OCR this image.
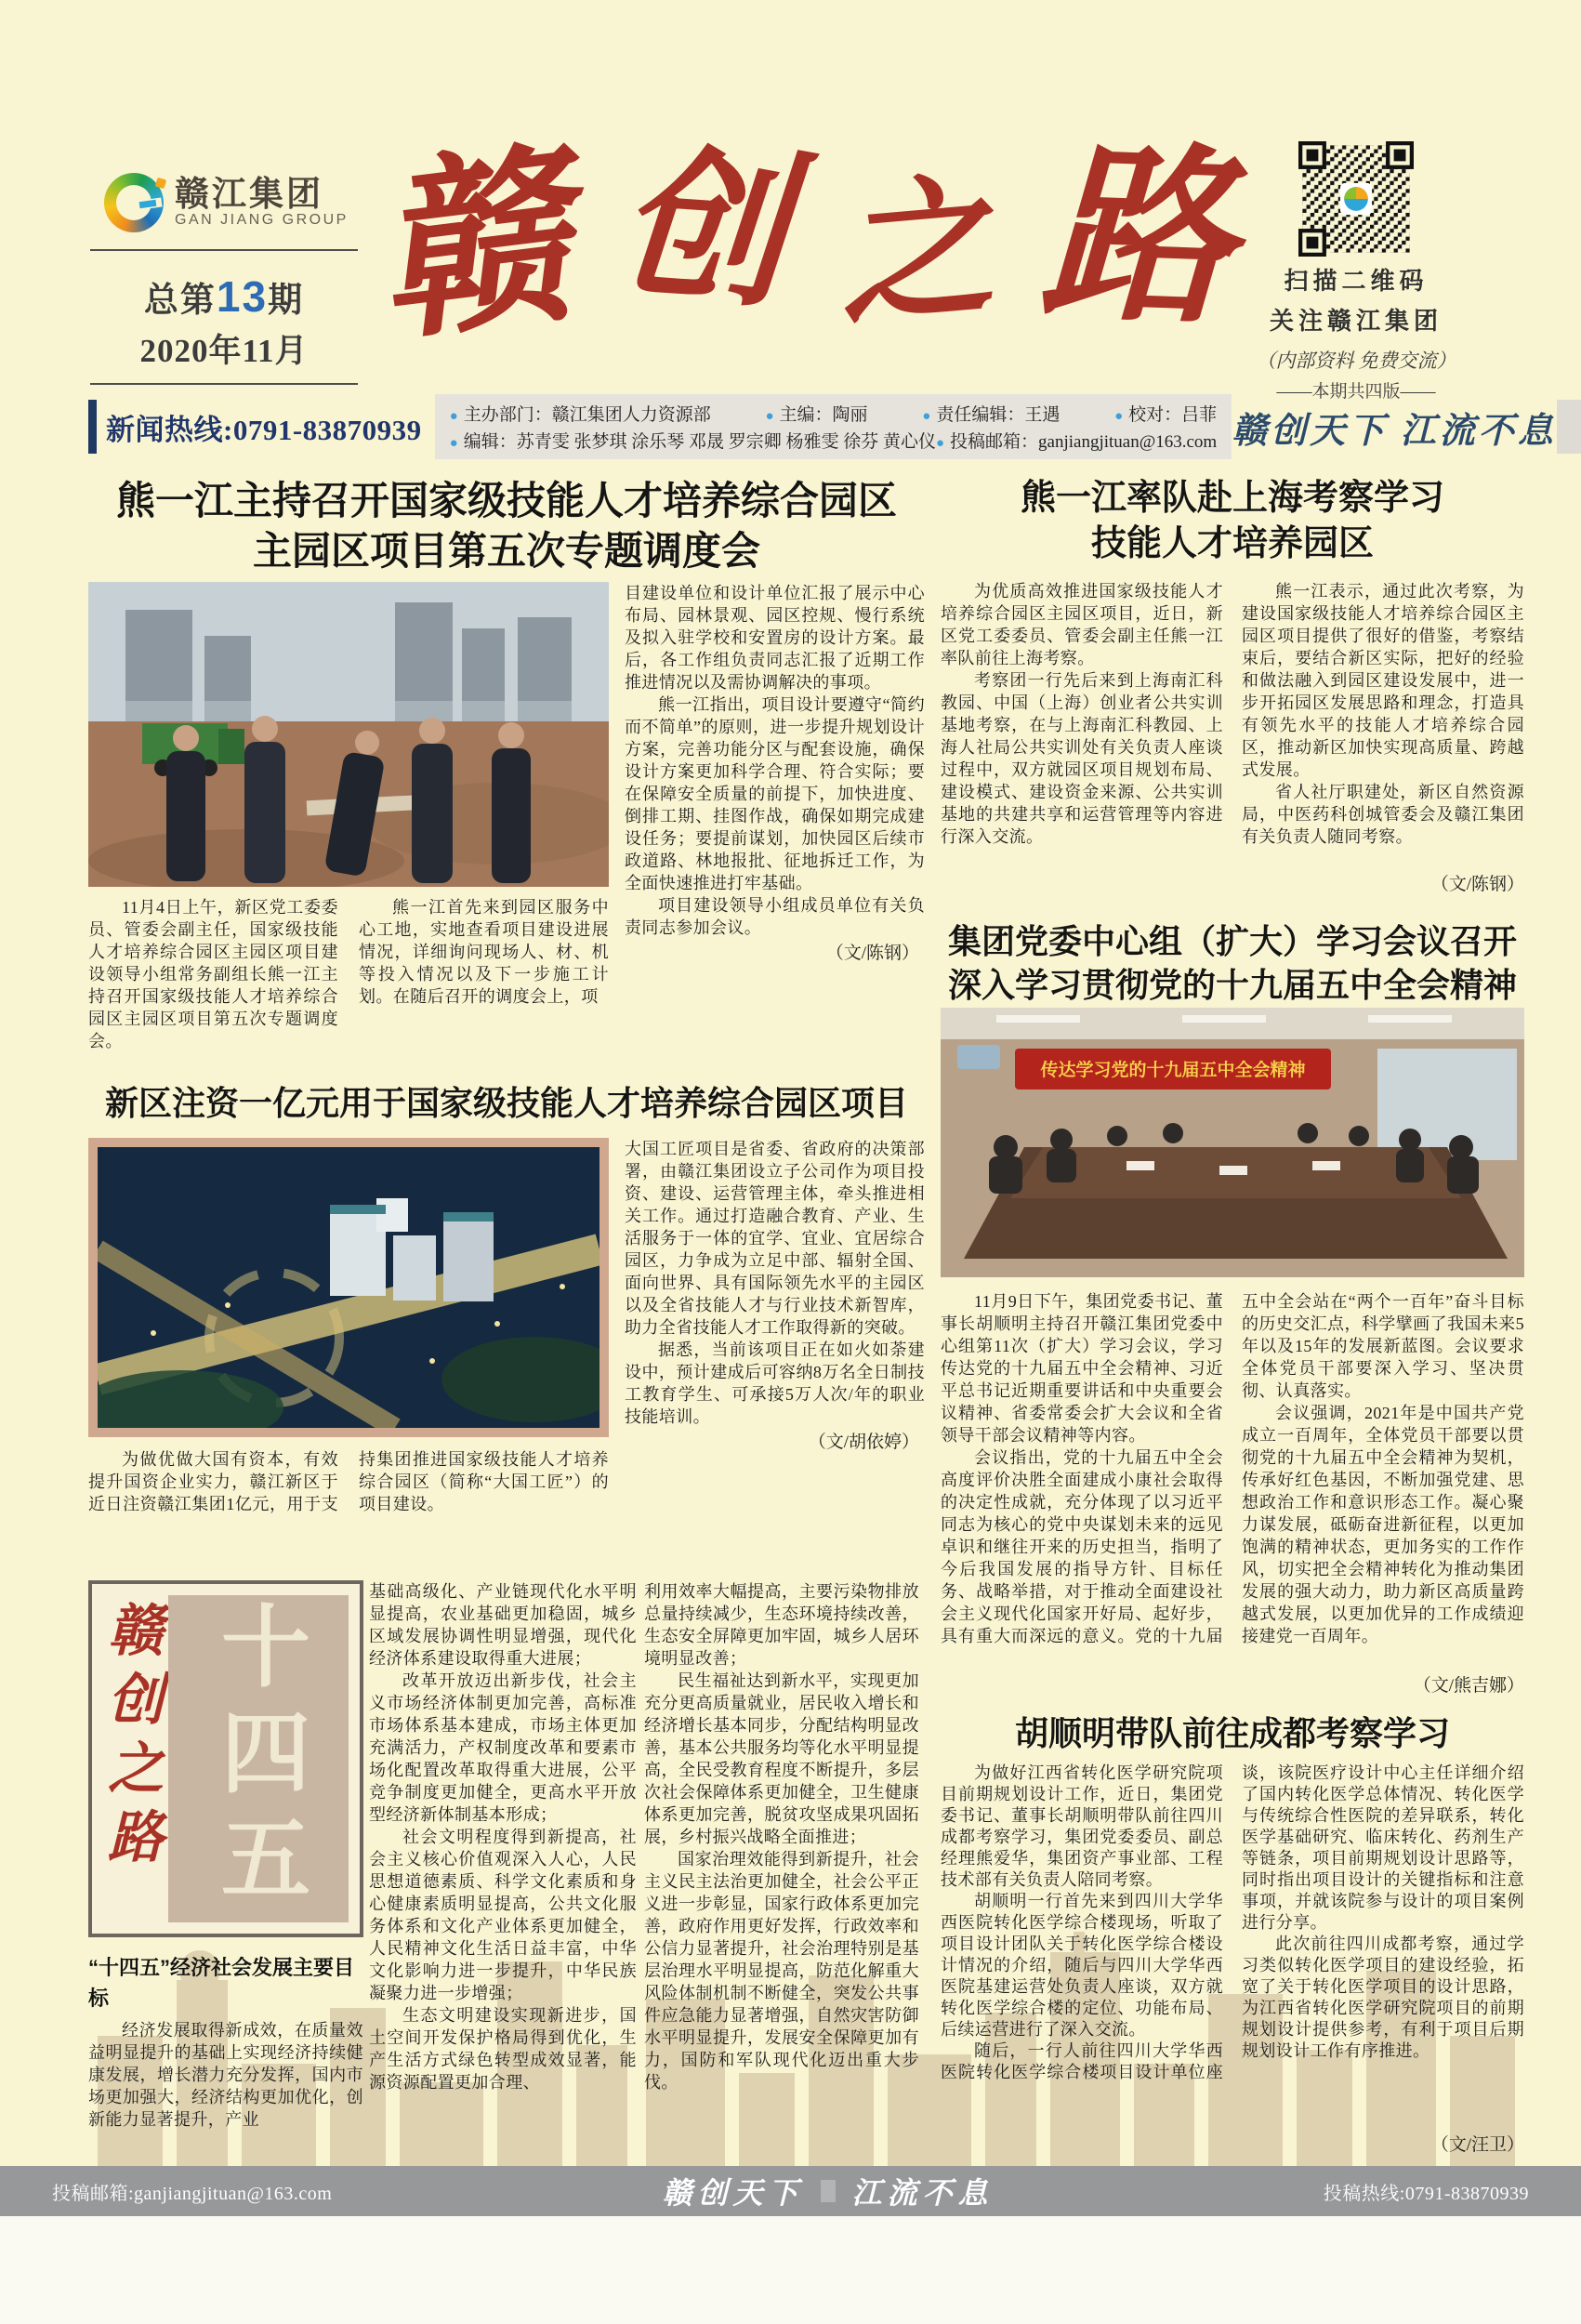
赣江集团
GAN JIANG GROUP
总第13期
2020年11月 赣 创 之 路	扫描二维码
关注赣江集团
（内部资料 免费交流）
——本期共四版——
新闻热线:0791-83870939 ● 主办部门：赣江集团人力资源部	● 主编：陶丽	● 责任编辑：王遇	● 校对：吕菲
● 编辑：苏青雯 张梦琪 涂乐琴 邓晟 罗宗卿 杨雅雯 徐芬 黄心仪 ● 投稿邮箱：ganjiangjituan@163.com 赣创天下 江流不息
熊一江主持召开国家级技能人才培养综合园区
主园区项目第五次专题调度会

11月4日上午，新区党工委委员、管委会副主任，国家级技能人才培养综合园区主园区项目建设领导小组常务副组长熊一江主持召开国家级技能人才培养综合园区主园区项目第五次专题调度会。

熊一江首先来到园区服务中心工地，实地查看项目建设进展情况，详细询问现场人、材、机等投入情况以及下一步施工计划。在随后召开的调度会上，项

目建设单位和设计单位汇报了展示中心布局、园林景观、园区控规、慢行系统及拟入驻学校和安置房的设计方案。最后，各工作组负责同志汇报了近期工作推进情况以及需协调解决的事项。

熊一江指出，项目设计要遵守“简约而不简单”的原则，进一步提升规划设计方案，完善功能分区与配套设施，确保设计方案更加科学合理、符合实际；要在保障安全质量的前提下，加快进度、倒排工期、挂图作战，确保如期完成建设任务；要提前谋划，加快园区后续市政道路、林地报批、征地拆迁工作，为全面快速推进打牢基础。

项目建设领导小组成员单位有关负责同志参加会议。

（文/陈钢）
新区注资一亿元用于国家级技能人才培养综合园区项目

为做优做大国有资本，有效提升国资企业实力，赣江新区于近日注资赣江集团1亿元，用于支持集团推进国家级技能人才培养综合园区（简称“大国工匠”）的项目建设。

大国工匠项目是省委、省政府的决策部署，由赣江集团设立子公司作为项目投资、建设、运营管理主体，牵头推进相关工作。通过打造融合教育、产业、生活服务于一体的宜学、宜业、宜居综合园区，力争成为立足中部、辐射全国、面向世界、具有国际领先水平的主园区以及全省技能人才与行业技术新智库，助力全省技能人才工作取得新的突破。

据悉，当前该项目正在如火如荼建设中，预计建成后可容纳8万名全日制技工教育学生、可承接5万人次/年的职业技能培训。

（文/胡依婷）
赣创之路 十四五
“十四五”经济社会发展主要目标

经济发展取得新成效，在质量效益明显提升的基础上实现经济持续健康发展，增长潜力充分发挥，国内市场更加强大，经济结构更加优化，创新能力显著提升，产业

基础高级化、产业链现代化水平明显提高，农业基础更加稳固，城乡区域发展协调性明显增强，现代化经济体系建设取得重大进展；

改革开放迈出新步伐，社会主义市场经济体制更加完善，高标准市场体系基本建成，市场主体更加充满活力，产权制度改革和要素市场化配置改革取得重大进展，公平竞争制度更加健全，更高水平开放型经济新体制基本形成；

社会文明程度得到新提高，社会主义核心价值观深入人心，人民思想道德素质、科学文化素质和身心健康素质明显提高，公共文化服务体系和文化产业体系更加健全，人民精神文化生活日益丰富，中华文化影响力进一步提升，中华民族凝聚力进一步增强；

生态文明建设实现新进步，国土空间开发保护格局得到优化，生产生活方式绿色转型成效显著，能源资源配置更加合理、

利用效率大幅提高，主要污染物排放总量持续减少，生态环境持续改善，生态安全屏障更加牢固，城乡人居环境明显改善；

民生福祉达到新水平，实现更加充分更高质量就业，居民收入增长和经济增长基本同步，分配结构明显改善，基本公共服务均等化水平明显提高，全民受教育程度不断提升，多层次社会保障体系更加健全，卫生健康体系更加完善，脱贫攻坚成果巩固拓展，乡村振兴战略全面推进；

国家治理效能得到新提升，社会主义民主法治更加健全，社会公平正义进一步彰显，国家行政体系更加完善，政府作用更好发挥，行政效率和公信力显著提升，社会治理特别是基层治理水平明显提高，防范化解重大风险体制机制不断健全，突发公共事件应急能力显著增强，自然灾害防御水平明显提升，发展安全保障更加有力，国防和军队现代化迈出重大步伐。

熊一江率队赴上海考察学习
技能人才培养园区

为优质高效推进国家级技能人才培养综合园区主园区项目，近日，新区党工委委员、管委会副主任熊一江率队前往上海考察。

考察团一行先后来到上海南汇科教园、中国（上海）创业者公共实训基地考察，在与上海南汇科教园、上海人社局公共实训处有关负责人座谈过程中，双方就园区项目规划布局、建设模式、建设资金来源、公共实训基地的共建共享和运营管理等内容进行深入交流。

熊一江表示，通过此次考察，为建设国家级技能人才培养综合园区主园区项目提供了很好的借鉴，考察结束后，要结合新区实际，把好的经验和做法融入到园区建设发展中，进一步开拓园区发展思路和理念，打造具有领先水平的技能人才培养综合园区，推动新区加快实现高质量、跨越式发展。

省人社厅职建处，新区自然资源局，中医药科创城管委会及赣江集团有关负责人随同考察。

（文/陈钢）
集团党委中心组（扩大）学习会议召开
深入学习贯彻党的十九届五中全会精神
传达学习党的十九届五中全会精神

11月9日下午，集团党委书记、董事长胡顺明主持召开赣江集团党委中心组第11次（扩大）学习会议，学习传达党的十九届五中全会精神、习近平总书记近期重要讲话和中央重要会议精神、省委常委会扩大会议和全省领导干部会议精神等内容。

会议指出，党的十九届五中全会高度评价决胜全面建成小康社会取得的决定性成就，充分体现了以习近平同志为核心的党中央谋划未来的远见卓识和继往开来的历史担当，指明了今后我国发展的指导方针、目标任务、战略举措，对于推动全面建设社会主义现代化国家开好局、起好步，具有重大而深远的意义。党的十九届五中全会站在“两个一百年”奋斗目标的历史交汇点，科学擘画了我国未来5年以及15年的发展新蓝图。会议要求全体党员干部要深入学习、坚决贯彻、认真落实。

会议强调，2021年是中国共产党成立一百周年，全体党员干部要以贯彻党的十九届五中全会精神为契机，传承好红色基因，不断加强党建、思想政治工作和意识形态工作。凝心聚力谋发展，砥砺奋进新征程，以更加饱满的精神状态，更加务实的工作作风，切实把全会精神转化为推动集团发展的强大动力，助力新区高质量跨越式发展，以更加优异的工作成绩迎接建党一百周年。

（文/熊吉娜）
胡顺明带队前往成都考察学习

为做好江西省转化医学研究院项目前期规划设计工作，近日，集团党委书记、董事长胡顺明带队前往四川成都考察学习，集团党委委员、副总经理熊爱华，集团资产事业部、工程技术部有关负责人陪同考察。

胡顺明一行首先来到四川大学华西医院转化医学综合楼现场，听取了项目设计团队关于转化医学综合楼设计情况的介绍，随后与四川大学华西医院基建运营处负责人座谈，双方就转化医学综合楼的定位、功能布局、后续运营进行了深入交流。

随后，一行人前往四川大学华西医院转化医学综合楼项目设计单位座谈，该院医疗设计中心主任详细介绍了国内转化医学总体情况、转化医学与传统综合性医院的差异联系，转化医学基础研究、临床转化、药剂生产等链条，项目前期规划设计思路等，同时指出项目设计的关键指标和注意事项，并就该院参与设计的项目案例进行分享。

此次前往四川成都考察，通过学习类似转化医学项目的建设经验，拓宽了关于转化医学项目的设计思路，为江西省转化医学研究院项目的前期规划设计提供参考，有利于项目后期规划设计工作有序推进。

（文/汪卫）
投稿邮箱:ganjiangjituan@163.com	赣创天下 江流不息	投稿热线:0791-83870939
